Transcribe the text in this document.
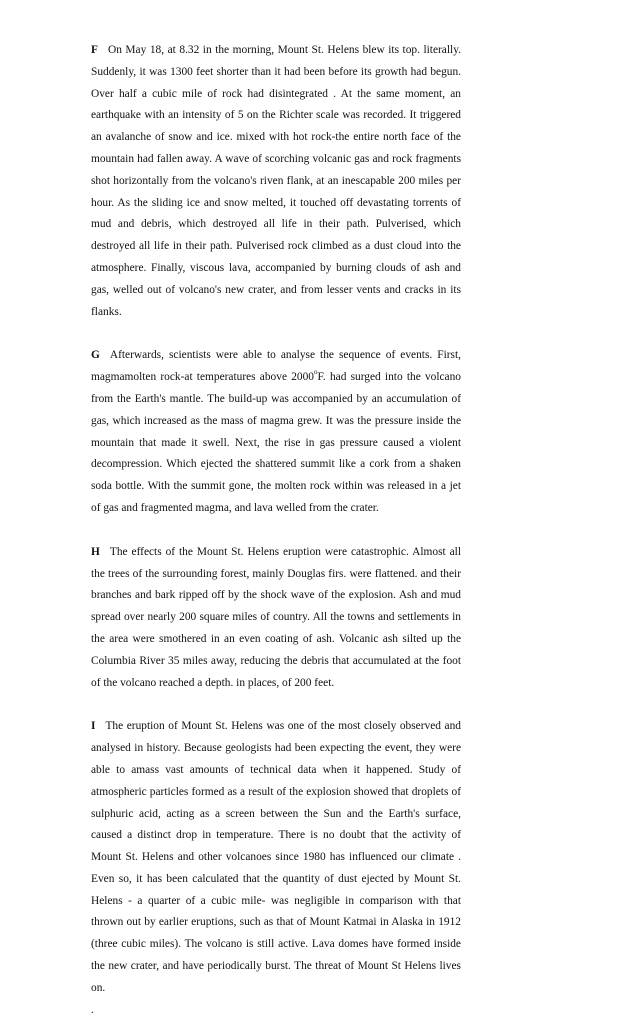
F On May 18, at 8.32 in the morning, Mount St. Helens blew its top. literally. Suddenly, it was 1300 feet shorter than it had been before its growth had begun. Over half a cubic mile of rock had disintegrated . At the same moment, an earthquake with an intensity of 5 on the Richter scale was recorded. It triggered an avalanche of snow and ice. mixed with hot rock-the entire north face of the mountain had fallen away. A wave of scorching volcanic gas and rock fragments shot horizontally from the volcano's riven flank, at an inescapable 200 miles per hour. As the sliding ice and snow melted, it touched off devastating torrents of mud and debris, which destroyed all life in their path. Pulverised, which destroyed all life in their path. Pulverised rock climbed as a dust cloud into the atmosphere. Finally, viscous lava, accompanied by burning clouds of ash and gas, welled out of volcano's new crater, and from lesser vents and cracks in its flanks.

G Afterwards, scientists were able to analyse the sequence of events. First, magmamolten rock-at temperatures above 2000$^o$F. had surged into the volcano from the Earth's mantle. The build-up was accompanied by an accumulation of gas, which increased as the mass of magma grew. It was the pressure inside the mountain that made it swell. Next, the rise in gas pressure caused a violent decompression. Which ejected the shattered summit like a cork from a shaken soda bottle. With the summit gone, the molten rock within was released in a jet of gas and fragmented magma, and lava welled from the crater.

H The effects of the Mount St. Helens eruption were catastrophic. Almost all the trees of the surrounding forest, mainly Douglas firs. were flattened. and their branches and bark ripped off by the shock wave of the explosion. Ash and mud spread over nearly 200 square miles of country. All the towns and settlements in the area were smothered in an even coating of ash. Volcanic ash silted up the Columbia River 35 miles away, reducing the debris that accumulated at the foot of the volcano reached a depth. in places, of 200 feet.

I The eruption of Mount St. Helens was one of the most closely observed and analysed in history. Because geologists had been expecting the event, they were able to amass vast amounts of technical data when it happened. Study of atmospheric particles formed as a result of the explosion showed that droplets of sulphuric acid, acting as a screen between the Sun and the Earth's surface, caused a distinct drop in temperature. There is no doubt that the activity of Mount St. Helens and other volcanoes since 1980 has influenced our climate . Even so, it has been calculated that the quantity of dust ejected by Mount St. Helens - a quarter of a cubic mile- was negligible in comparison with that thrown out by earlier eruptions, such as that of Mount Katmai in Alaska in 1912 (three cubic miles). The volcano is still active. Lava domes have formed inside the new crater, and have periodically burst. The threat of Mount St Helens lives on.

.
